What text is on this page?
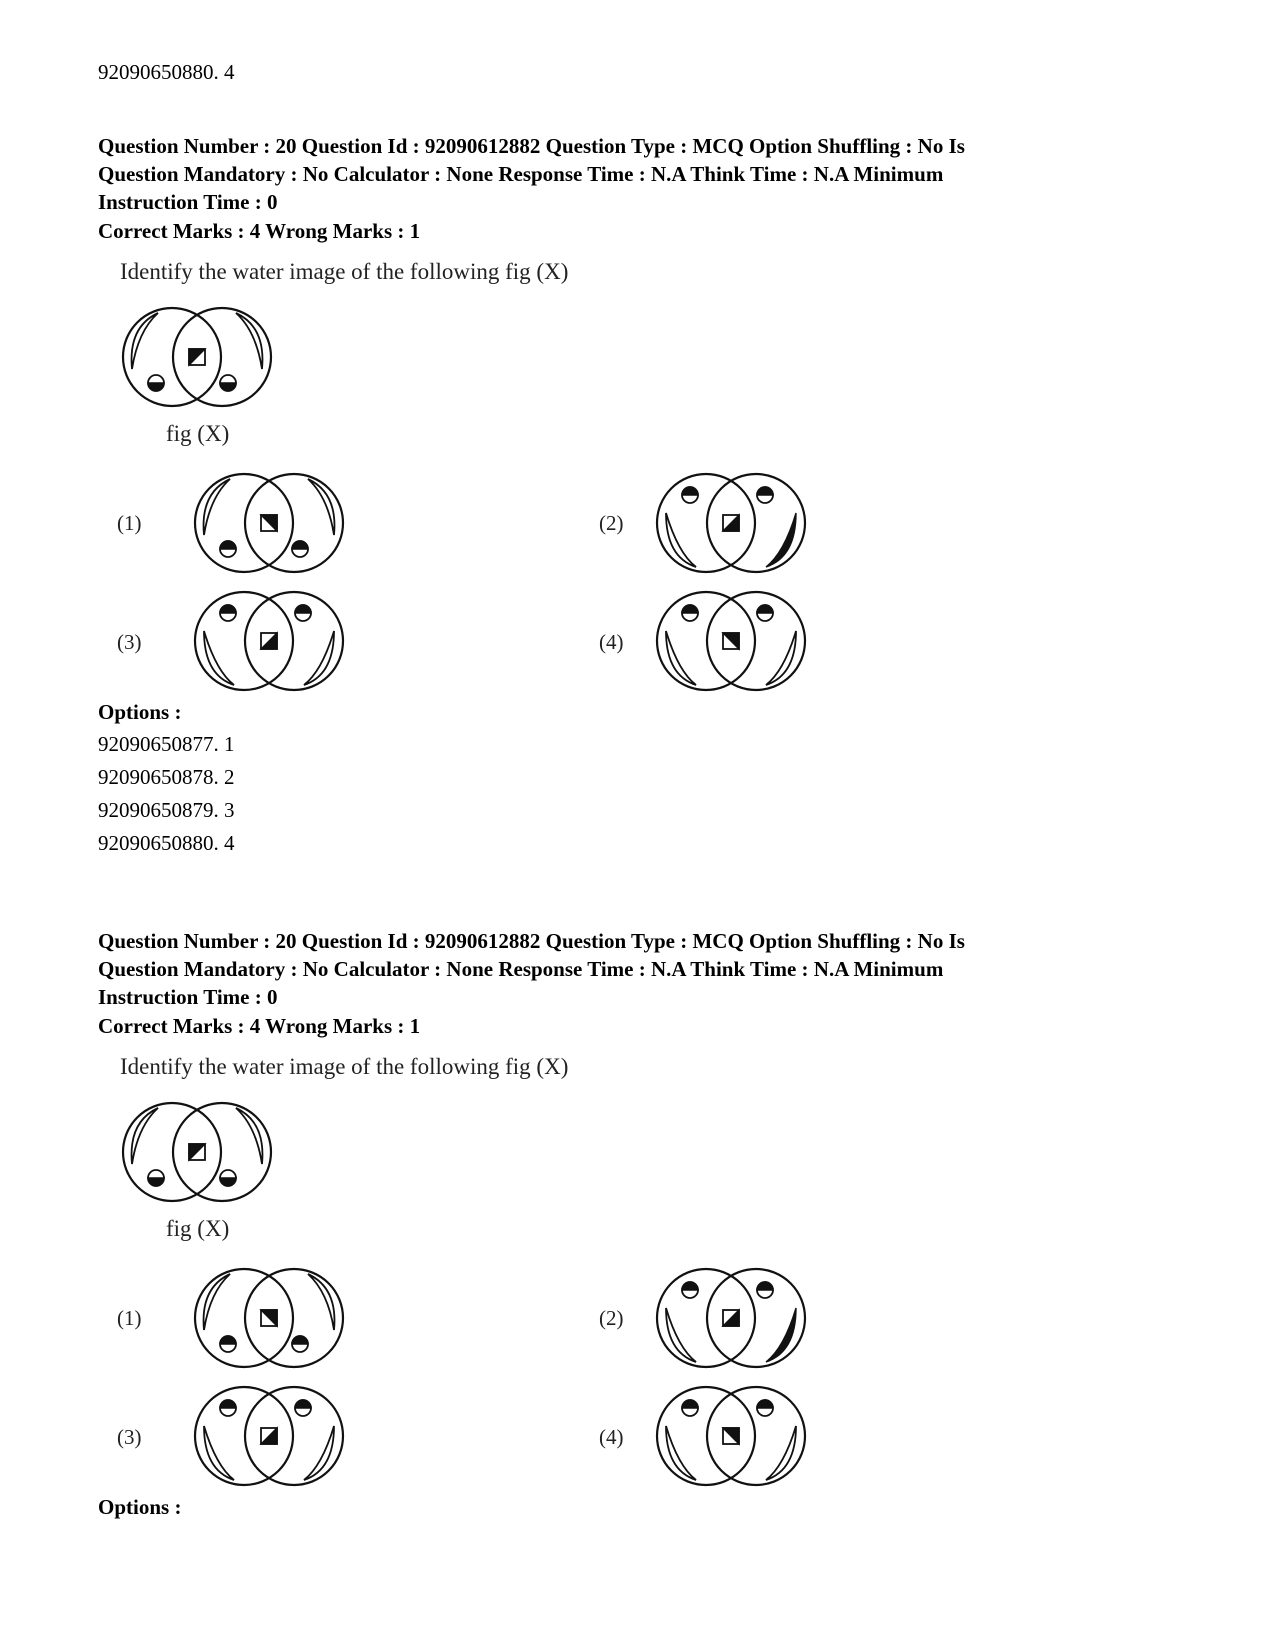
92090650880. 4
Question Number : 20 Question Id : 92090612882 Question Type : MCQ Option Shuffling : No Is
Question Mandatory : No Calculator : None Response Time : N.A Think Time : N.A Minimum
Instruction Time : 0
Correct Marks : 4 Wrong Marks : 1
Identify the water image of the following fig (X)
fig (X)
(1)	(2)
(3)	(4)
Options :
92090650877. 1
92090650878. 2
92090650879. 3
92090650880. 4
Question Number : 20 Question Id : 92090612882 Question Type : MCQ Option Shuffling : No Is
Question Mandatory : No Calculator : None Response Time : N.A Think Time : N.A Minimum
Instruction Time : 0
Correct Marks : 4 Wrong Marks : 1
Identify the water image of the following fig (X)
fig (X)
(1)	(2)
(3)	(4)
Options :
